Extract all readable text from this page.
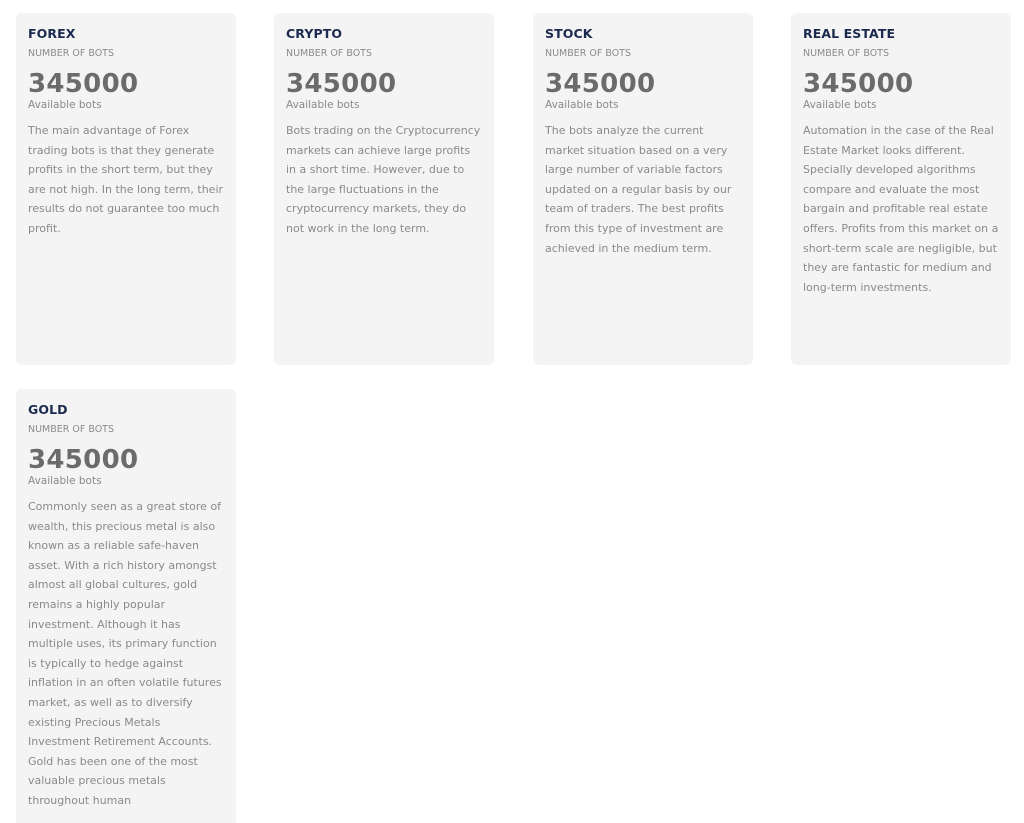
FOREX
NUMBER OF BOTS
345000
Available bots
The main advantage of Forex trading bots is that they generate profits in the short term, but they are not high. In the long term, their results do not guarantee too much profit.
CRYPTO
NUMBER OF BOTS
345000
Available bots
Bots trading on the Cryptocurrency markets can achieve large profits in a short time. However, due to the large fluctuations in the cryptocurrency markets, they do not work in the long term.
STOCK
NUMBER OF BOTS
345000
Available bots
The bots analyze the current market situation based on a very large number of variable factors updated on a regular basis by our team of traders. The best profits from this type of investment are achieved in the medium term.
REAL ESTATE
NUMBER OF BOTS
345000
Available bots
Automation in the case of the Real Estate Market looks different. Specially developed algorithms compare and evaluate the most bargain and profitable real estate offers. Profits from this market on a short-term scale are negligible, but they are fantastic for medium and long-term investments.
GOLD
NUMBER OF BOTS
345000
Available bots
Commonly seen as a great store of wealth, this precious metal is also known as a reliable safe-haven asset. With a rich history amongst almost all global cultures, gold remains a highly popular investment. Although it has multiple uses, its primary function is typically to hedge against inflation in an often volatile futures market, as well as to diversify existing Precious Metals Investment Retirement Accounts. Gold has been one of the most valuable precious metals throughout human
